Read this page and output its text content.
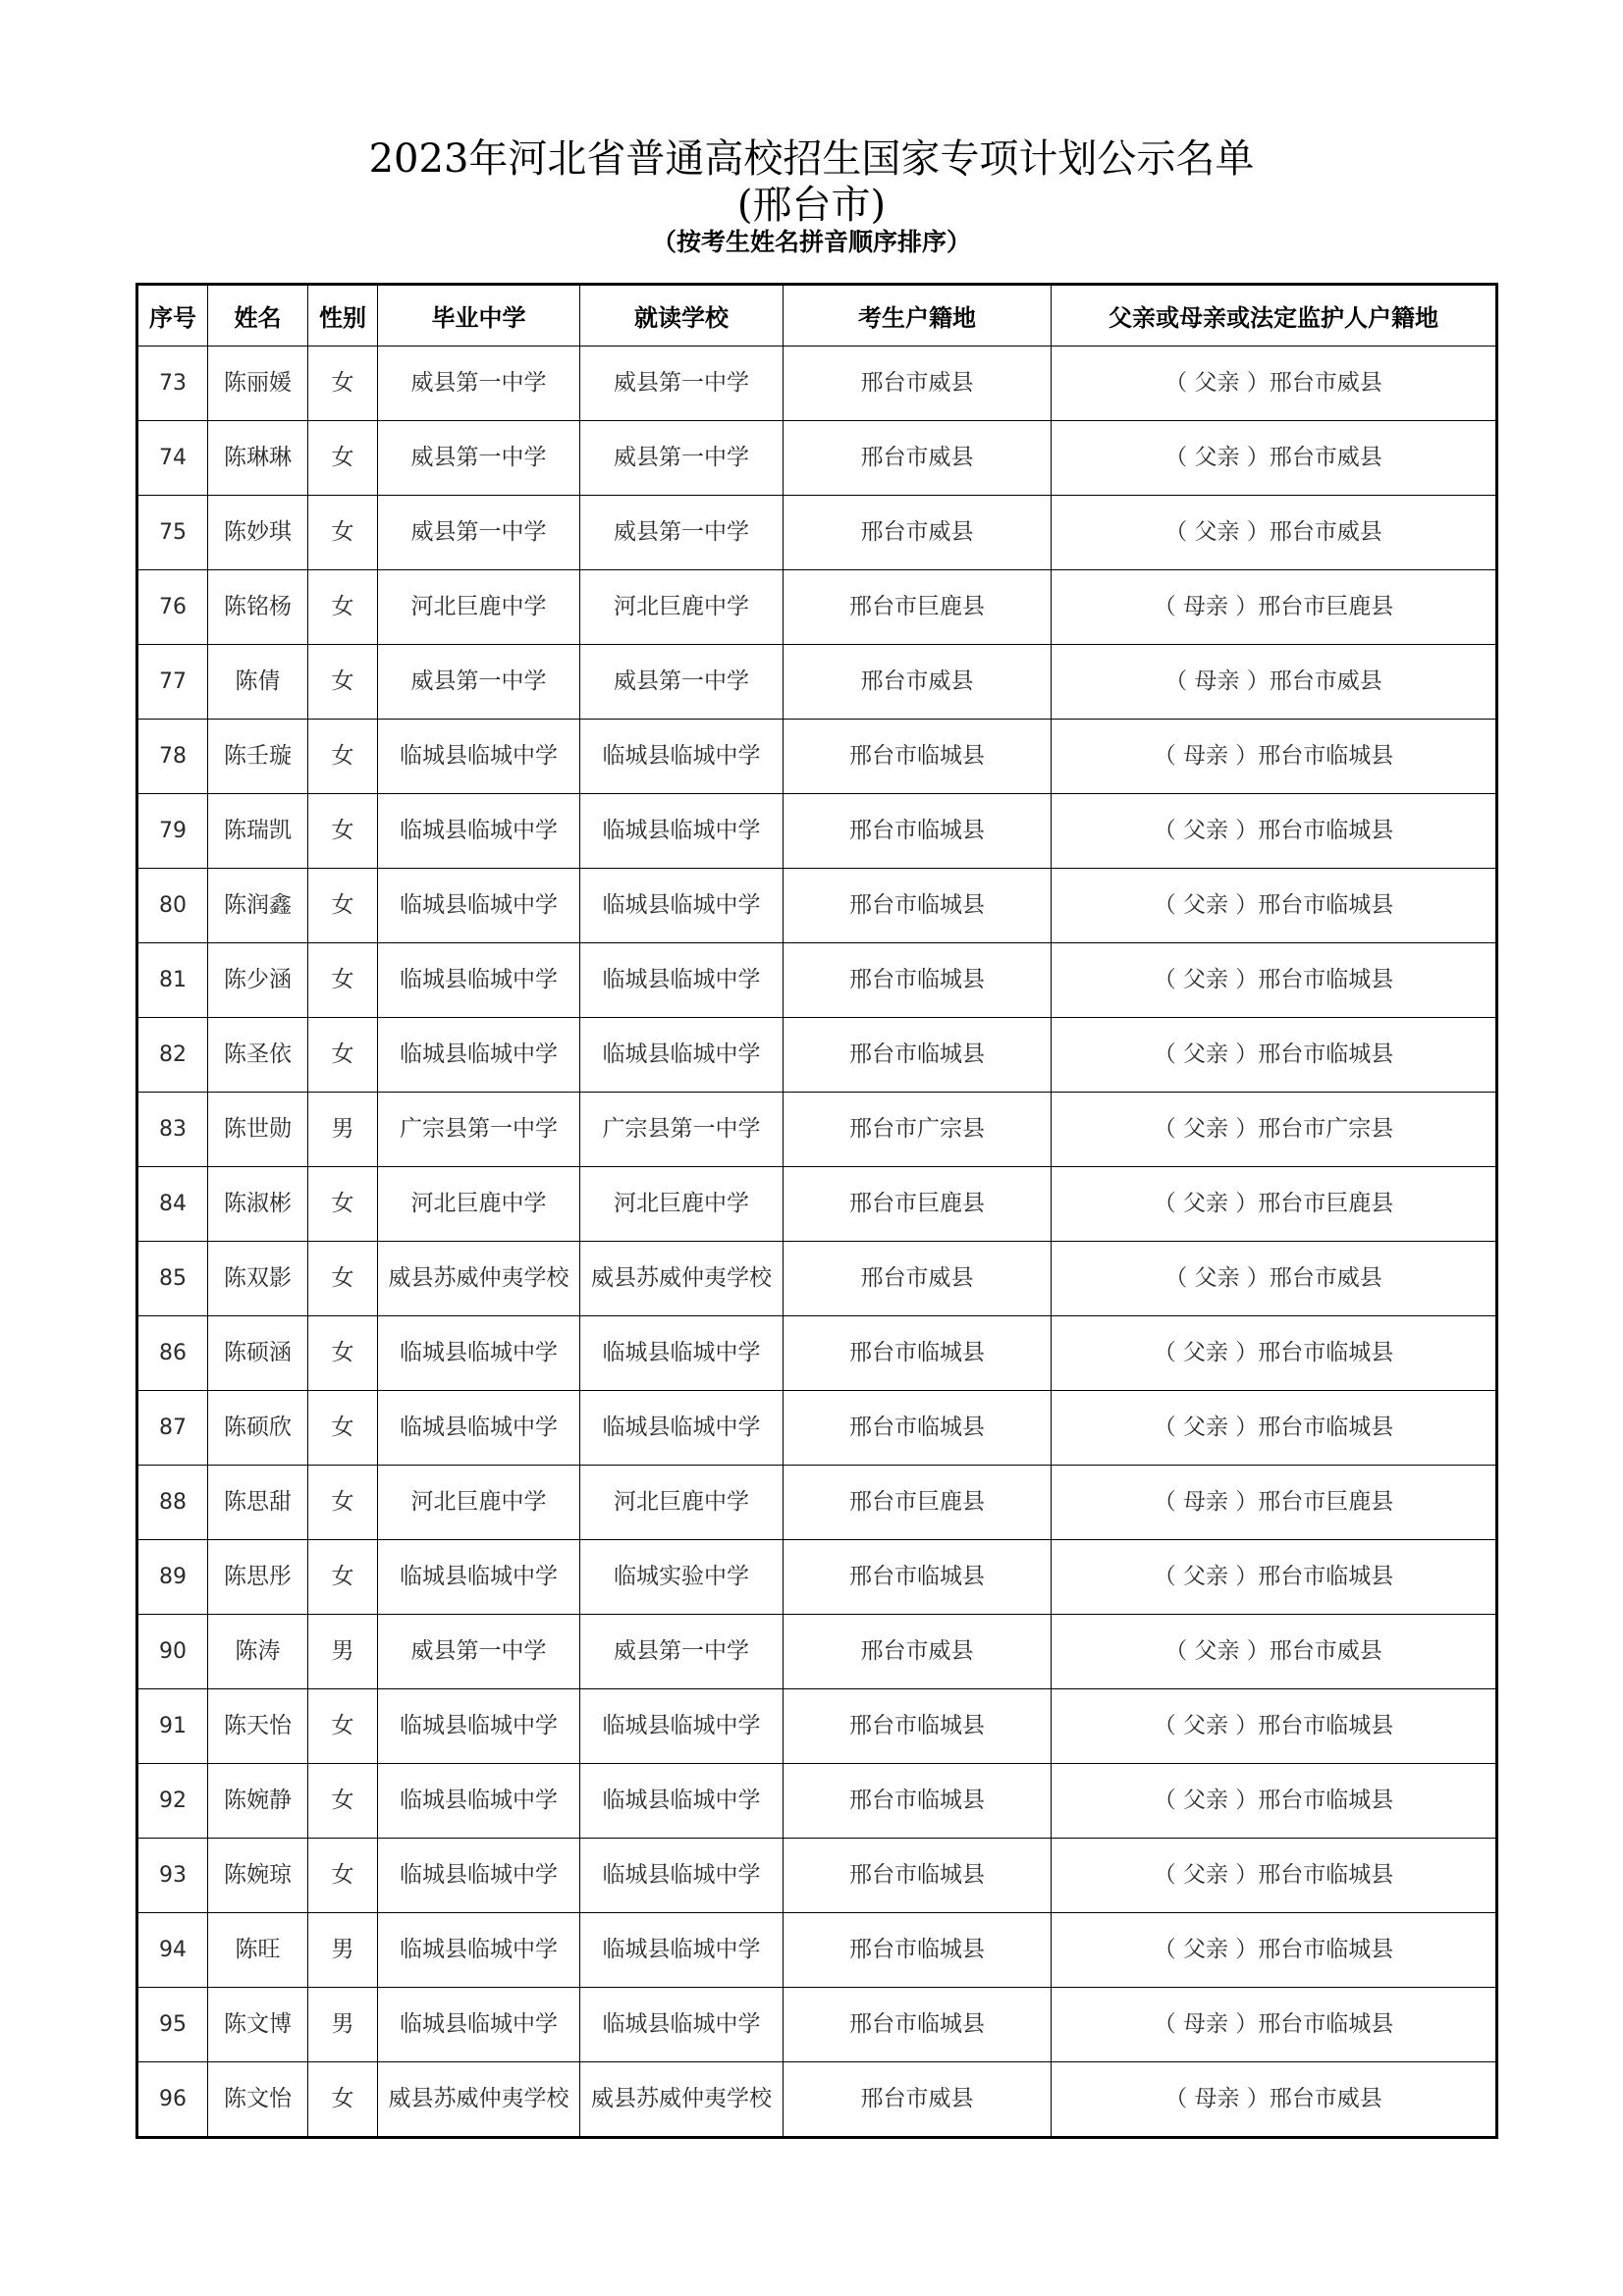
2023年河北省普通高校招生国家专项计划公示名单
(邢台市)
（按考生姓名拼音顺序排序）
序号	姓名	性别	毕业中学	就读学校	考生户籍地	父亲或母亲或法定监护人户籍地
73	陈丽媛	女	威县第一中学	威县第一中学	邢台市威县	（ 父亲 ）邢台市威县
74	陈琳琳	女	威县第一中学	威县第一中学	邢台市威县	（ 父亲 ）邢台市威县
75	陈妙琪	女	威县第一中学	威县第一中学	邢台市威县	（ 父亲 ）邢台市威县
76	陈铭杨	女	河北巨鹿中学	河北巨鹿中学	邢台市巨鹿县	（ 母亲 ）邢台市巨鹿县
77	陈倩	女	威县第一中学	威县第一中学	邢台市威县	（ 母亲 ）邢台市威县
78	陈壬璇	女	临城县临城中学	临城县临城中学	邢台市临城县	（ 母亲 ）邢台市临城县
79	陈瑞凯	女	临城县临城中学	临城县临城中学	邢台市临城县	（ 父亲 ）邢台市临城县
80	陈润鑫	女	临城县临城中学	临城县临城中学	邢台市临城县	（ 父亲 ）邢台市临城县
81	陈少涵	女	临城县临城中学	临城县临城中学	邢台市临城县	（ 父亲 ）邢台市临城县
82	陈圣依	女	临城县临城中学	临城县临城中学	邢台市临城县	（ 父亲 ）邢台市临城县
83	陈世勋	男	广宗县第一中学	广宗县第一中学	邢台市广宗县	（ 父亲 ）邢台市广宗县
84	陈淑彬	女	河北巨鹿中学	河北巨鹿中学	邢台市巨鹿县	（ 父亲 ）邢台市巨鹿县
85	陈双影	女	威县苏威仲夷学校	威县苏威仲夷学校	邢台市威县	（ 父亲 ）邢台市威县
86	陈硕涵	女	临城县临城中学	临城县临城中学	邢台市临城县	（ 父亲 ）邢台市临城县
87	陈硕欣	女	临城县临城中学	临城县临城中学	邢台市临城县	（ 父亲 ）邢台市临城县
88	陈思甜	女	河北巨鹿中学	河北巨鹿中学	邢台市巨鹿县	（ 母亲 ）邢台市巨鹿县
89	陈思彤	女	临城县临城中学	临城实验中学	邢台市临城县	（ 父亲 ）邢台市临城县
90	陈涛	男	威县第一中学	威县第一中学	邢台市威县	（ 父亲 ）邢台市威县
91	陈天怡	女	临城县临城中学	临城县临城中学	邢台市临城县	（ 父亲 ）邢台市临城县
92	陈婉静	女	临城县临城中学	临城县临城中学	邢台市临城县	（ 父亲 ）邢台市临城县
93	陈婉琼	女	临城县临城中学	临城县临城中学	邢台市临城县	（ 父亲 ）邢台市临城县
94	陈旺	男	临城县临城中学	临城县临城中学	邢台市临城县	（ 父亲 ）邢台市临城县
95	陈文博	男	临城县临城中学	临城县临城中学	邢台市临城县	（ 母亲 ）邢台市临城县
96	陈文怡	女	威县苏威仲夷学校	威县苏威仲夷学校	邢台市威县	（ 母亲 ）邢台市威县
